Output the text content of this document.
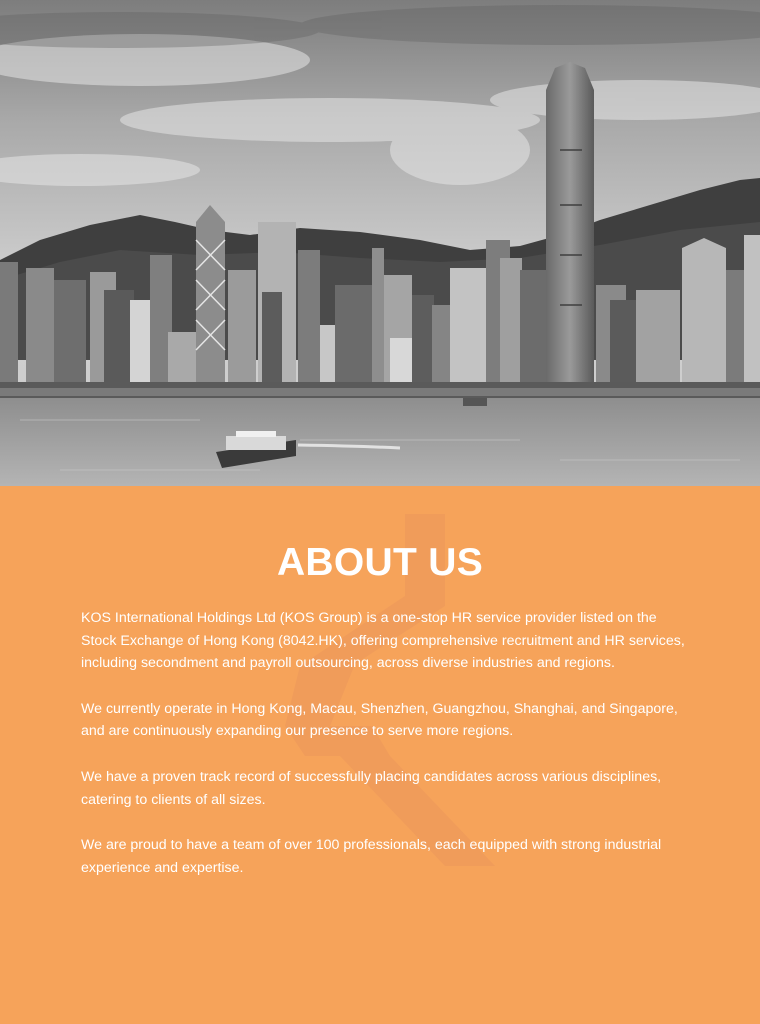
ABOUT US

KOS International Holdings Ltd (KOS Group) is a one-stop HR service provider listed on the Stock Exchange of Hong Kong (8042.HK), offering comprehensive recruitment and HR services, including secondment and payroll outsourcing, across diverse industries and regions.

We currently operate in Hong Kong, Macau, Shenzhen, Guangzhou, Shanghai, and Singapore, and are continuously expanding our presence to serve more regions.

We have a proven track record of successfully placing candidates across various disciplines, catering to clients of all sizes.

We are proud to have a team of over 100 professionals, each equipped with strong industrial experience and expertise.
